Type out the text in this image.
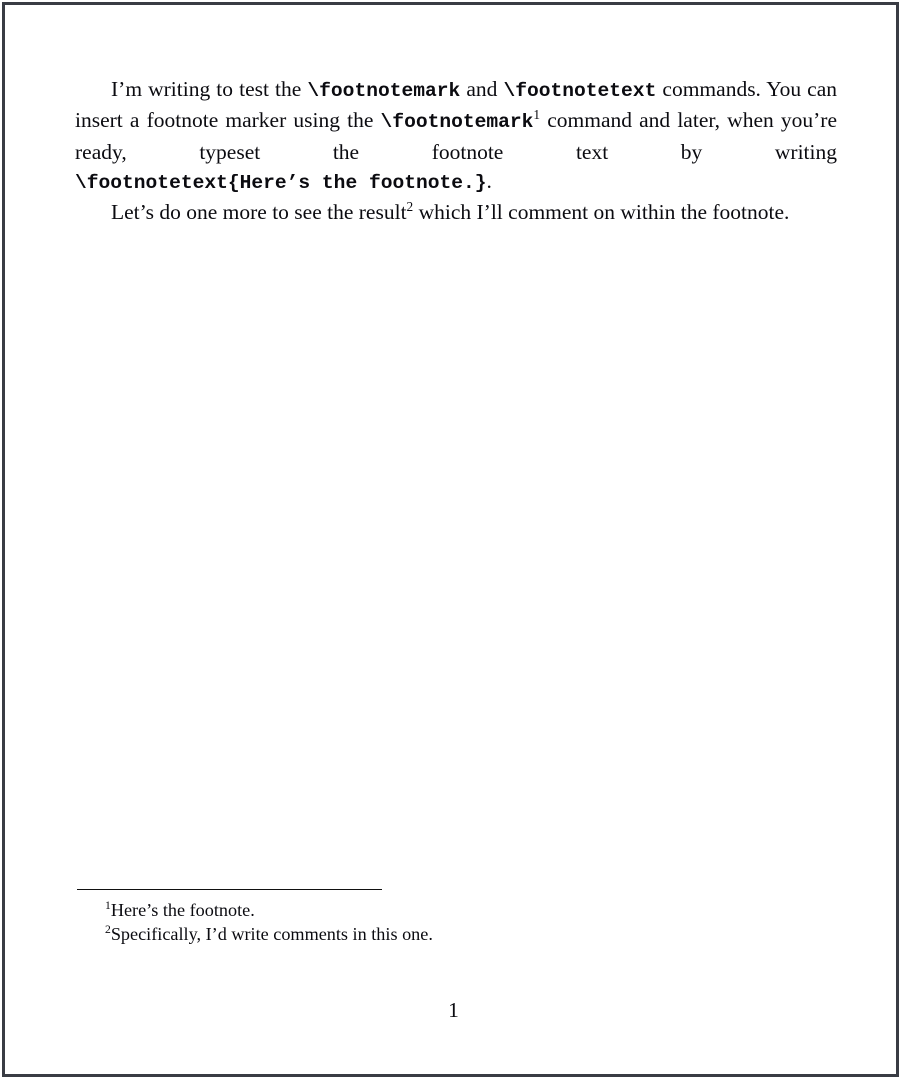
I’m writing to test the \footnotemark and \footnotetext commands. You can insert a footnote marker using the \footnotemark$^1$ command and later, when you’re ready, typeset the footnote text by writing \footnotetext{Here’s the footnote.}.

Let’s do one more to see the result$^2$ which I’ll comment on within the footnote.

$^1$Here’s the footnote.
$^2$Specifically, I’d write comments in this one.
1
